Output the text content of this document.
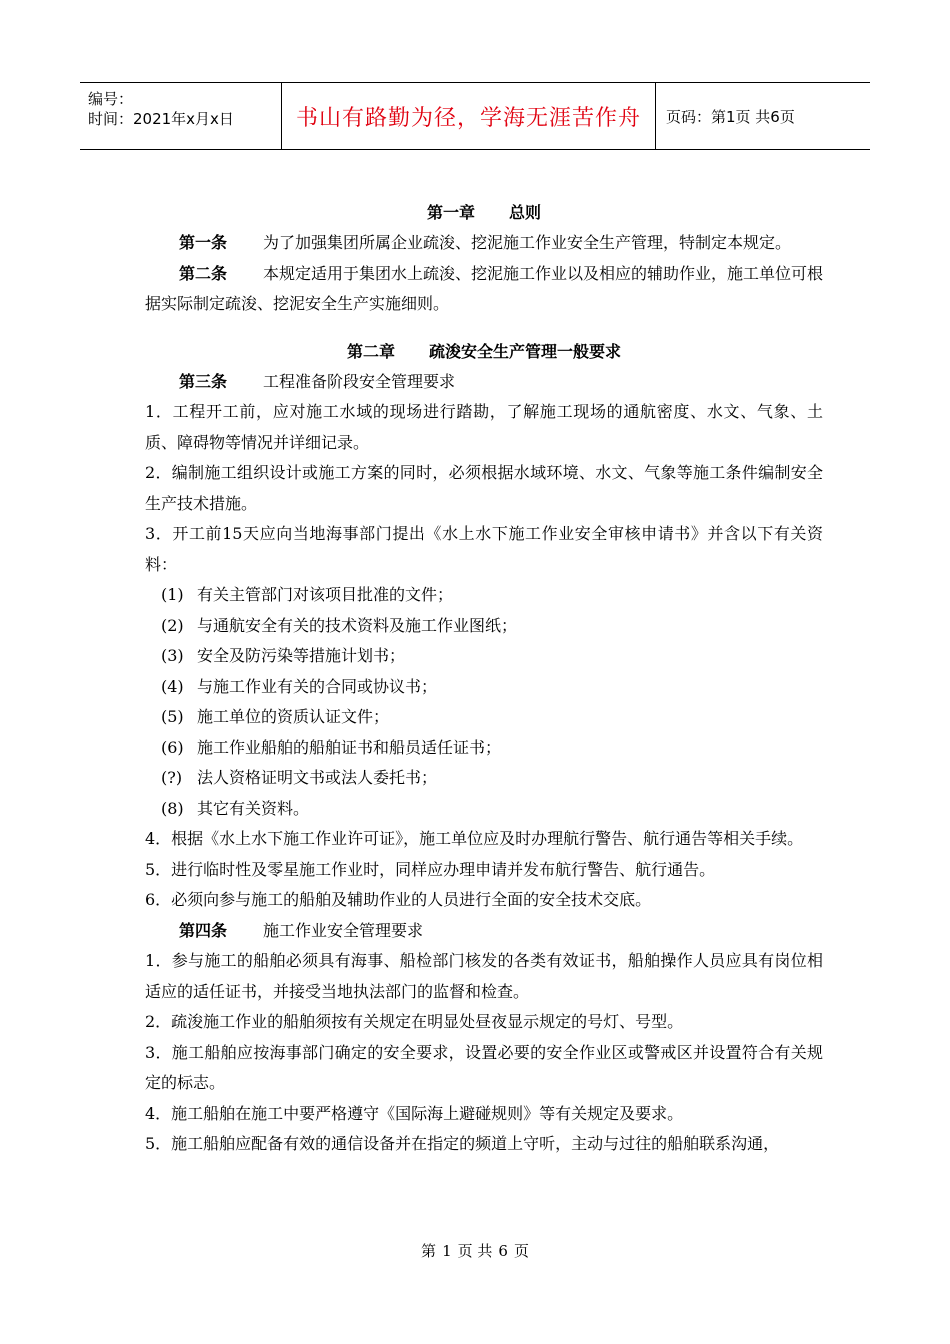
编号：
时间：2021年x月x日	书山有路勤为径，学海无涯苦作舟	页码：第1页 共6页
第一章 总则
第一条 为了加强集团所属企业疏浚、挖泥施工作业安全生产管理，特制定本规定。
第二条 本规定适用于集团水上疏浚、挖泥施工作业以及相应的辅助作业，施工单位可根据实际制定疏浚、挖泥安全生产实施细则。
第二章 疏浚安全生产管理一般要求
第三条 工程准备阶段安全管理要求
1．工程开工前，应对施工水域的现场进行踏勘，了解施工现场的通航密度、水文、气象、土质、障碍物等情况并详细记录。
2．编制施工组织设计或施工方案的同时，必须根据水域环境、水文、气象等施工条件编制安全生产技术措施。
3．开工前15天应向当地海事部门提出《水上水下施工作业安全审核申请书》并含以下有关资料：
(1) 有关主管部门对该项目批准的文件；
(2) 与通航安全有关的技术资料及施工作业图纸；
(3) 安全及防污染等措施计划书；
(4) 与施工作业有关的合同或协议书；
(5) 施工单位的资质认证文件；
(6) 施工作业船舶的船舶证书和船员适任证书；
(?) 法人资格证明文书或法人委托书；
(8) 其它有关资料。
4．根据《水上水下施工作业许可证》，施工单位应及时办理航行警告、航行通告等相关手续。
5．进行临时性及零星施工作业时，同样应办理申请并发布航行警告、航行通告。
6．必须向参与施工的船舶及辅助作业的人员进行全面的安全技术交底。
第四条 施工作业安全管理要求
1．参与施工的船舶必须具有海事、船检部门核发的各类有效证书，船舶操作人员应具有岗位相适应的适任证书，并接受当地执法部门的监督和检查。
2．疏浚施工作业的船舶须按有关规定在明显处昼夜显示规定的号灯、号型。
3．施工船舶应按海事部门确定的安全要求，设置必要的安全作业区或警戒区并设置符合有关规定的标志。
4．施工船舶在施工中要严格遵守《国际海上避碰规则》等有关规定及要求。
5．施工船舶应配备有效的通信设备并在指定的频道上守听，主动与过往的船舶联系沟通，
第 1 页 共 6 页
